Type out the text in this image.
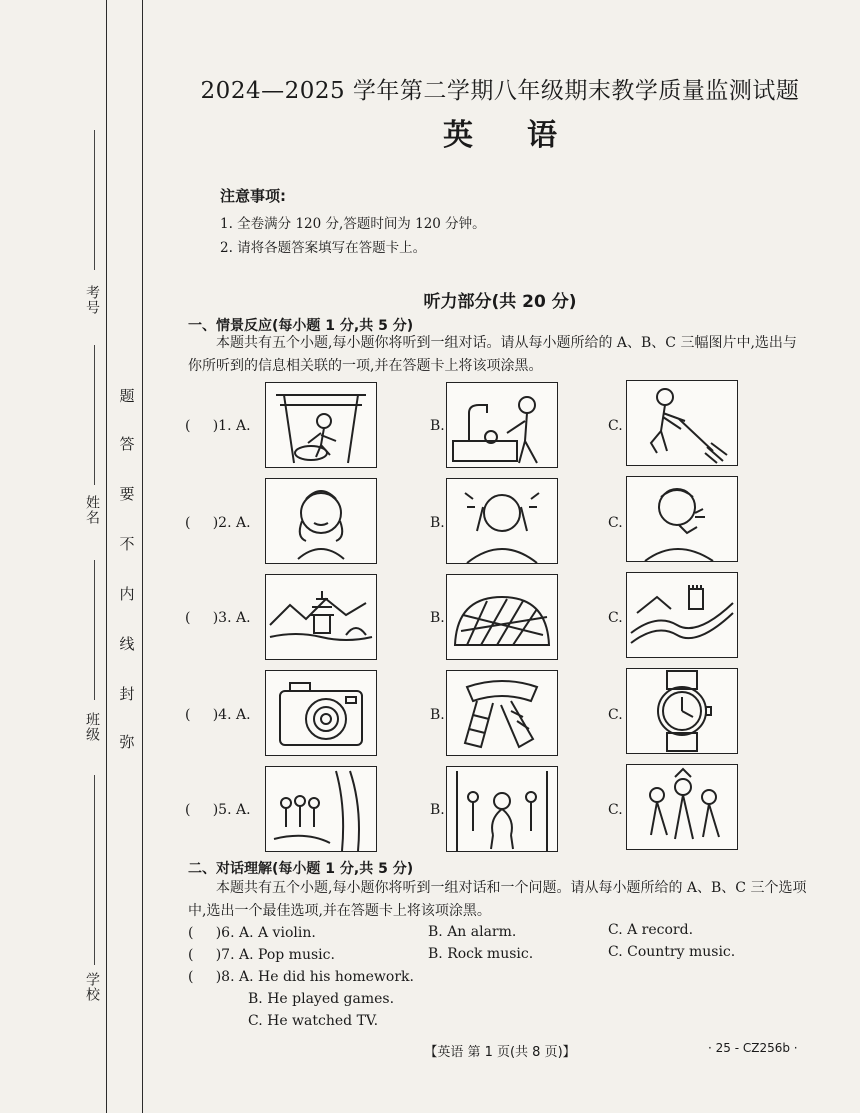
考号
姓名
班级
学校
题
答
要
不
内
线
封
弥
2024—2025 学年第二学期八年级期末教学质量监测试题
英语
注意事项:
1. 全卷满分 120 分,答题时间为 120 分钟。
2. 请将各题答案填写在答题卡上。
听力部分(共 20 分)
一、情景反应(每小题 1 分,共 5 分)
本题共有五个小题,每小题你将听到一组对话。请从每小题所给的 A、B、C 三幅图片中,选出与你所听到的信息相关联的一项,并在答题卡上将该项涂黑。
(     )1. A.	B.	C.
(     )2. A.	B.	C.
(     )3. A.	B.	C.
(     )4. A.	B.	C.
(     )5. A.	B.	C.
二、对话理解(每小题 1 分,共 5 分)
本题共有五个小题,每小题你将听到一组对话和一个问题。请从每小题所给的 A、B、C 三个选项中,选出一个最佳选项,并在答题卡上将该项涂黑。
(     )6. A. A violin.	B. An alarm.	C. A record.
(     )7. A. Pop music.	B. Rock music.	C. Country music.
(     )8. A. He did his homework.
B. He played games.
C. He watched TV.
【英语 第 1 页(共 8 页)】	· 25 - CZ256b ·
